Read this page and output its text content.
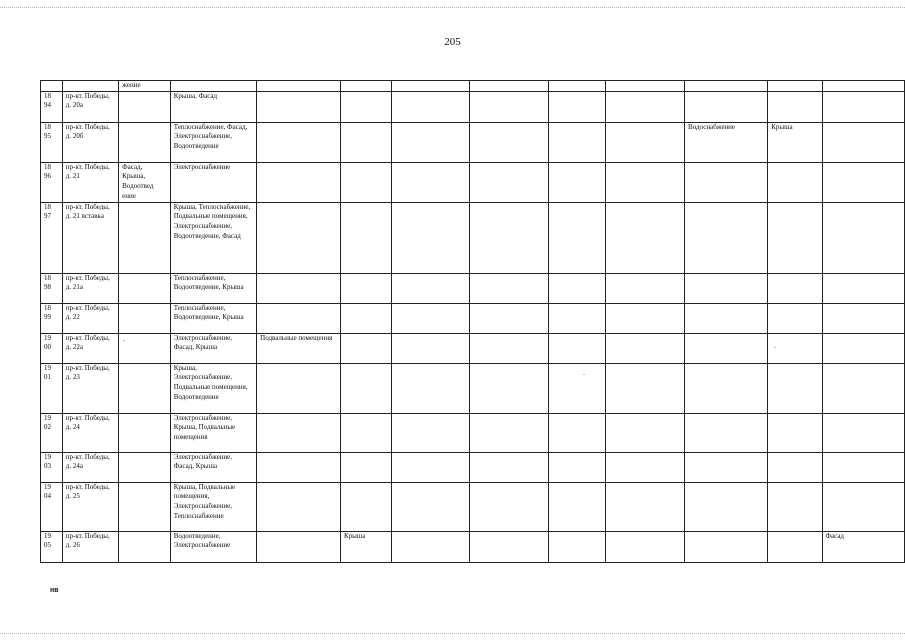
205
		жение										
18
94	пр-кт. Победы, д. 20а		Крыша, Фасад									
18
95	пр-кт. Победы, д. 20б		Теплоснабжение, Фасад, Электроснабжение, Водоотведение							Водоснабжение	Крыша	
18
96	пр-кт. Победы, д. 21	Фасад, Крыша, Водоотвед ение	Электроснабжение									
18
97	пр-кт. Победы, д. 21 вставка		Крыша, Теплоснабжение, Подвальные помещения, Электроснабжение, Водоотведение, Фасад									
18
98	пр-кт. Победы, д. 21а		Теплоснабжение, Водоотведение, Крыша									
18
99	пр-кт. Победы, д. 22		Теплоснабжение, Водоотведение, Крыша									
19
00	пр-кт. Победы, д. 22а		Электроснабжение, Фасад, Крыша	Подвальные помещения								
19
01	пр-кт. Победы, д. 23		Крыша, Электроснабжение, Подвальные помещения, Водоотведение									
19
02	пр-кт. Победы, д. 24		Электроснабжение, Крыша, Подвальные помещения									
19
03	пр-кт. Победы, д. 24а		Электроснабжение, Фасад, Крыша									
19
04	пр-кт. Победы, д. 25		Крыша, Подвальные помещения, Электроснабжение, Теплоснабжение									
19
05	пр-кт. Победы, д. 26		Водоотведение, Электроснабжение		Крыша							Фасад
нв
